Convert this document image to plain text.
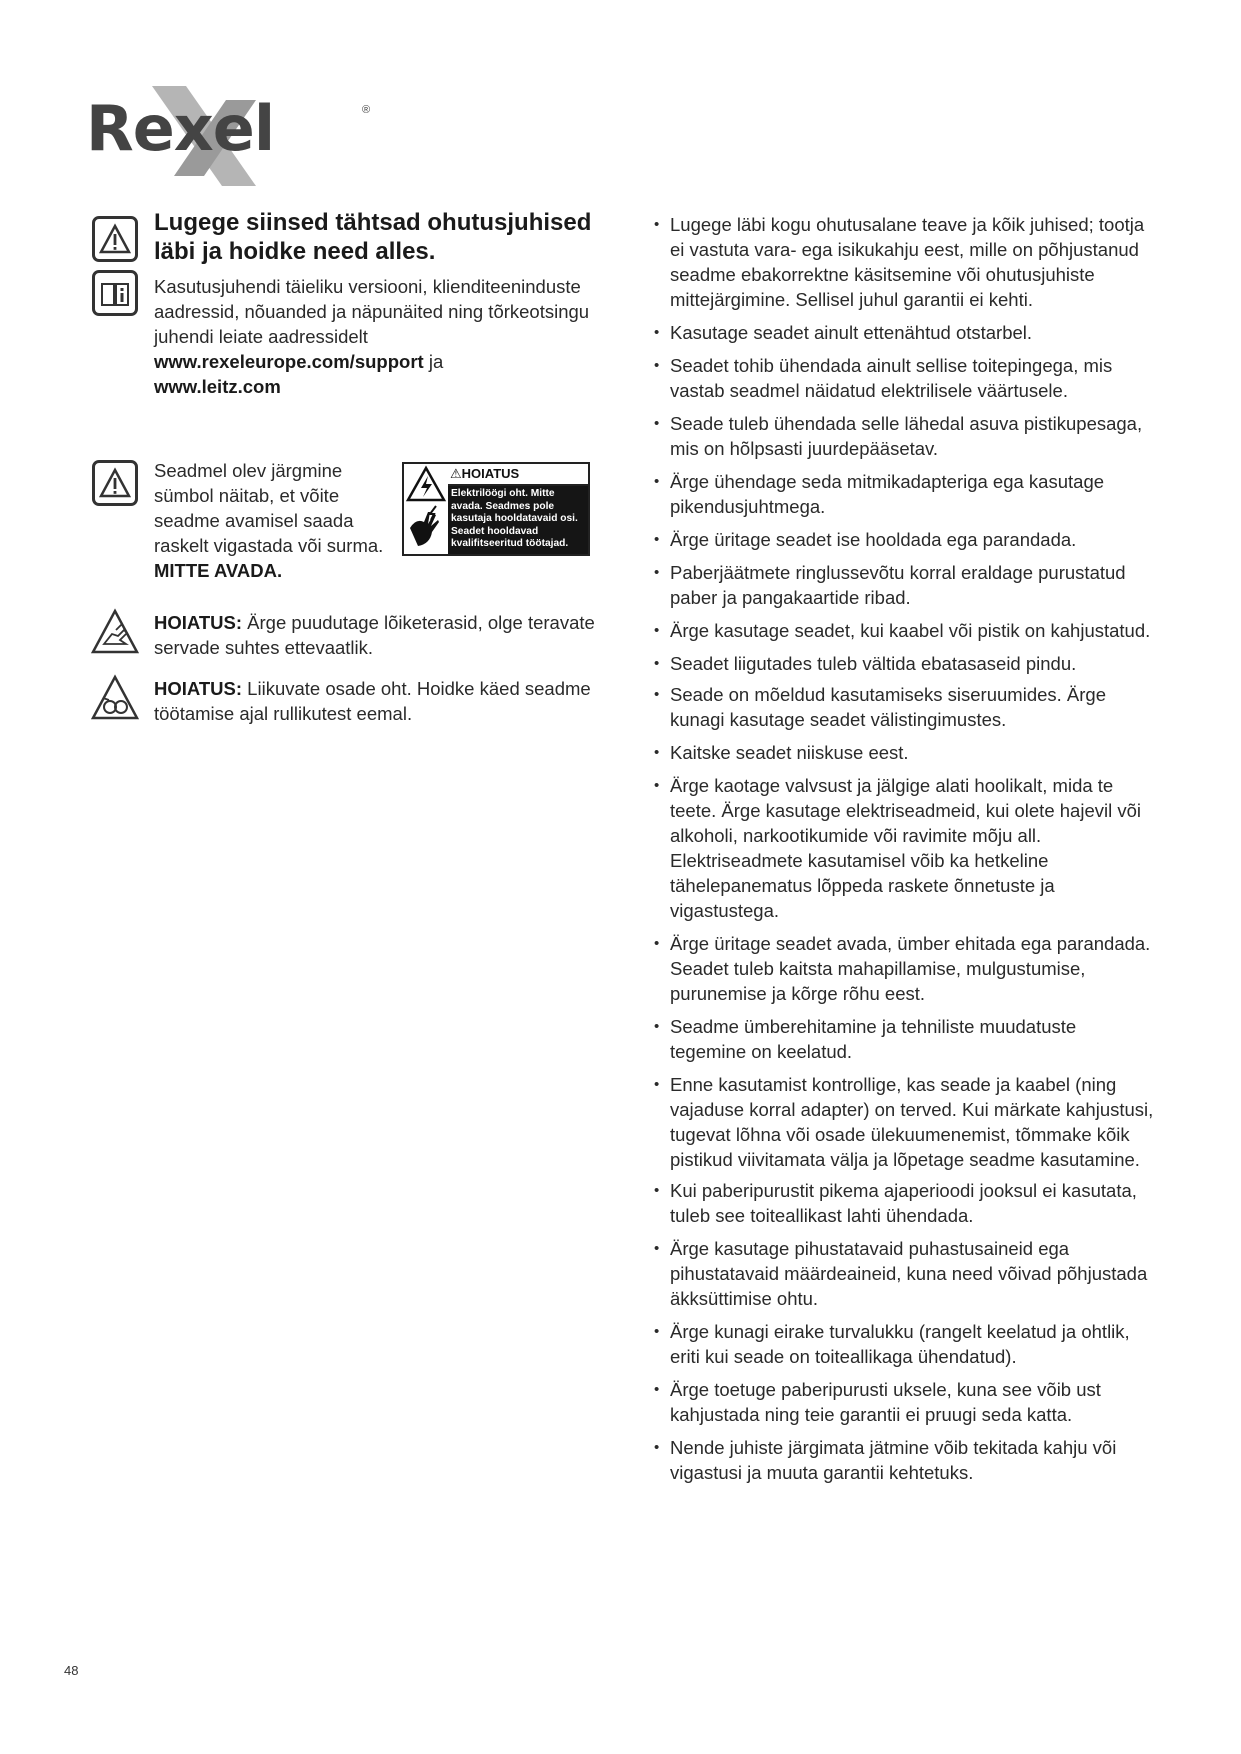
Rexel	®
Lugege siinsed tähtsad ohutusjuhised läbi ja hoidke need alles.
Kasutusjuhendi täieliku versiooni, klienditeeninduste aadressid, nõuanded ja näpunäited ning tõrkeotsingu juhendi leiate aadressidelt
www.rexeleurope.com/support ja
www.leitz.com
Seadmel olev järgmine sümbol näitab, et võite seadme avamisel saada raskelt vigastada või surma. MITTE AVADA.
⚠HOIATUS
Elektrilöögi oht. Mitte avada. Seadmes pole kasutaja hooldatavaid osi. Seadet hooldavad kvalifitseeritud töötajad.
HOIATUS: Ärge puudutage lõiketerasid, olge teravate servade suhtes ettevaatlik.
HOIATUS: Liikuvate osade oht. Hoidke käed seadme töötamise ajal rullikutest eemal.
• Lugege läbi kogu ohutusalane teave ja kõik juhised; tootja ei vastuta vara- ega isikukahju eest, mille on põhjustanud seadme ebakorrektne käsitsemine või ohutusjuhiste mittejärgimine. Sellisel juhul garantii ei kehti.
• Kasutage seadet ainult ettenähtud otstarbel.
• Seadet tohib ühendada ainult sellise toitepingega, mis vastab seadmel näidatud elektrilisele väärtusele.
• Seade tuleb ühendada selle lähedal asuva pistikupesaga, mis on hõlpsasti juurdepääsetav.
• Ärge ühendage seda mitmikadapteriga ega kasutage pikendusjuhtmega.
• Ärge üritage seadet ise hooldada ega parandada.
• Paberjäätmete ringlussevõtu korral eraldage purustatud paber ja pangakaartide ribad.
• Ärge kasutage seadet, kui kaabel või pistik on kahjustatud.
• Seadet liigutades tuleb vältida ebatasaseid pindu.
• Seade on mõeldud kasutamiseks siseruumides. Ärge kunagi kasutage seadet välistingimustes.
• Kaitske seadet niiskuse eest.
• Ärge kaotage valvsust ja jälgige alati hoolikalt, mida te teete. Ärge kasutage elektriseadmeid, kui olete hajevil või alkoholi, narkootikumide või ravimite mõju all. Elektriseadmete kasutamisel võib ka hetkeline tähelepanematus lõppeda raskete õnnetuste ja vigastustega.
• Ärge üritage seadet avada, ümber ehitada ega parandada. Seadet tuleb kaitsta mahapillamise, mulgustumise, purunemise ja kõrge rõhu eest.
• Seadme ümberehitamine ja tehniliste muudatuste tegemine on keelatud.
• Enne kasutamist kontrollige, kas seade ja kaabel (ning vajaduse korral adapter) on terved. Kui märkate kahjustusi, tugevat lõhna või osade ülekuumenemist, tõmmake kõik pistikud viivitamata välja ja lõpetage seadme kasutamine.
• Kui paberipurustit pikema ajaperioodi jooksul ei kasutata, tuleb see toiteallikast lahti ühendada.
• Ärge kasutage pihustatavaid puhastusaineid ega pihustatavaid määrdeaineid, kuna need võivad põhjustada äkksüttimise ohtu.
• Ärge kunagi eirake turvalukku (rangelt keelatud ja ohtlik, eriti kui seade on toiteallikaga ühendatud).
• Ärge toetuge paberipurusti uksele, kuna see võib ust kahjustada ning teie garantii ei pruugi seda katta.
• Nende juhiste järgimata jätmine võib tekitada kahju või vigastusi ja muuta garantii kehtetuks.
48
